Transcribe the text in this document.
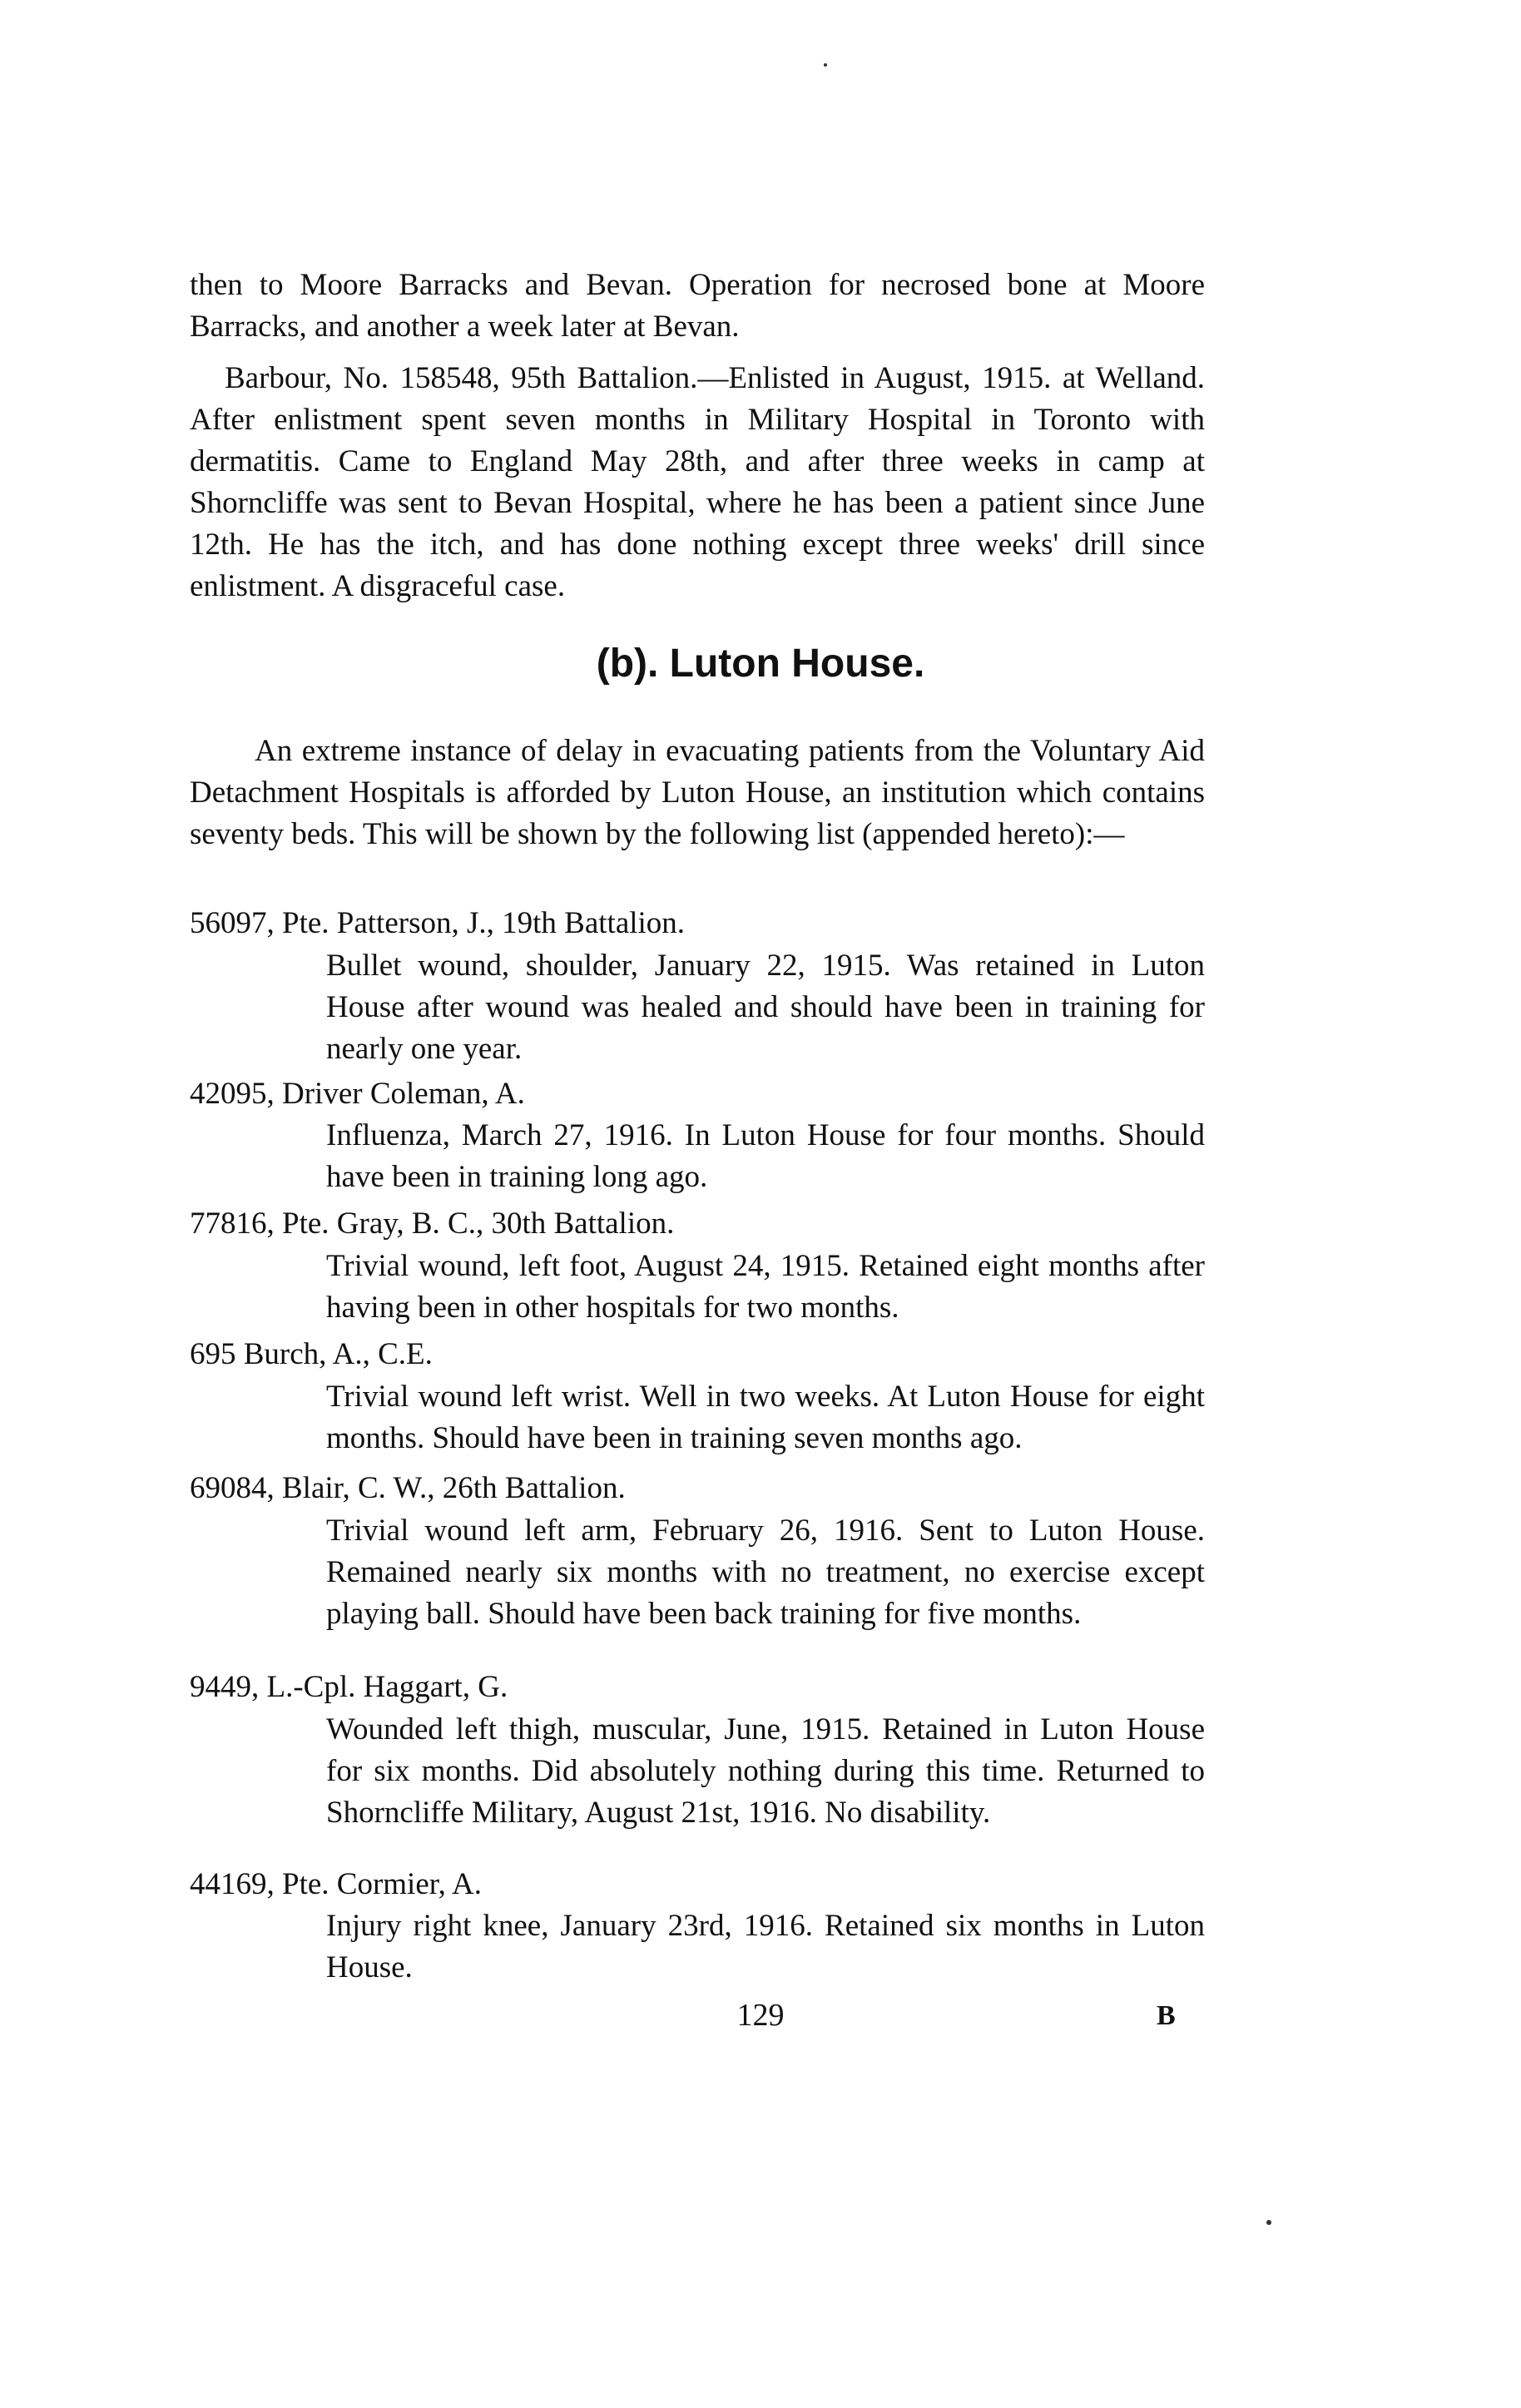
then to Moore Barracks and Bevan. Operation for necrosed bone at Moore Barracks, and another a week later at Bevan.

Barbour, No. 158548, 95th Battalion.—Enlisted in August, 1915. at Welland. After enlistment spent seven months in Military Hospital in Toronto with dermatitis. Came to England May 28th, and after three weeks in camp at Shorncliffe was sent to Bevan Hospital, where he has been a patient since June 12th. He has the itch, and has done nothing except three weeks' drill since enlistment. A disgraceful case.

(b). Luton House.

An extreme instance of delay in evacuating patients from the Voluntary Aid Detachment Hospitals is afforded by Luton House, an institution which contains seventy beds. This will be shown by the following list (appended hereto):—

56097, Pte. Patterson, J., 19th Battalion.

Bullet wound, shoulder, January 22, 1915. Was retained in Luton House after wound was healed and should have been in training for nearly one year.

42095, Driver Coleman, A.

Influenza, March 27, 1916. In Luton House for four months. Should have been in training long ago.

77816, Pte. Gray, B. C., 30th Battalion.

Trivial wound, left foot, August 24, 1915. Retained eight months after having been in other hospitals for two months.

695 Burch, A., C.E.

Trivial wound left wrist. Well in two weeks. At Luton House for eight months. Should have been in training seven months ago.

69084, Blair, C. W., 26th Battalion.

Trivial wound left arm, February 26, 1916. Sent to Luton House. Remained nearly six months with no treatment, no exercise except playing ball. Should have been back training for five months.

9449, L.-Cpl. Haggart, G.

Wounded left thigh, muscular, June, 1915. Retained in Luton House for six months. Did absolutely nothing during this time. Returned to Shorncliffe Military, August 21st, 1916. No disability.

44169, Pte. Cormier, A.

Injury right knee, January 23rd, 1916. Retained six months in Luton House.

129	B
